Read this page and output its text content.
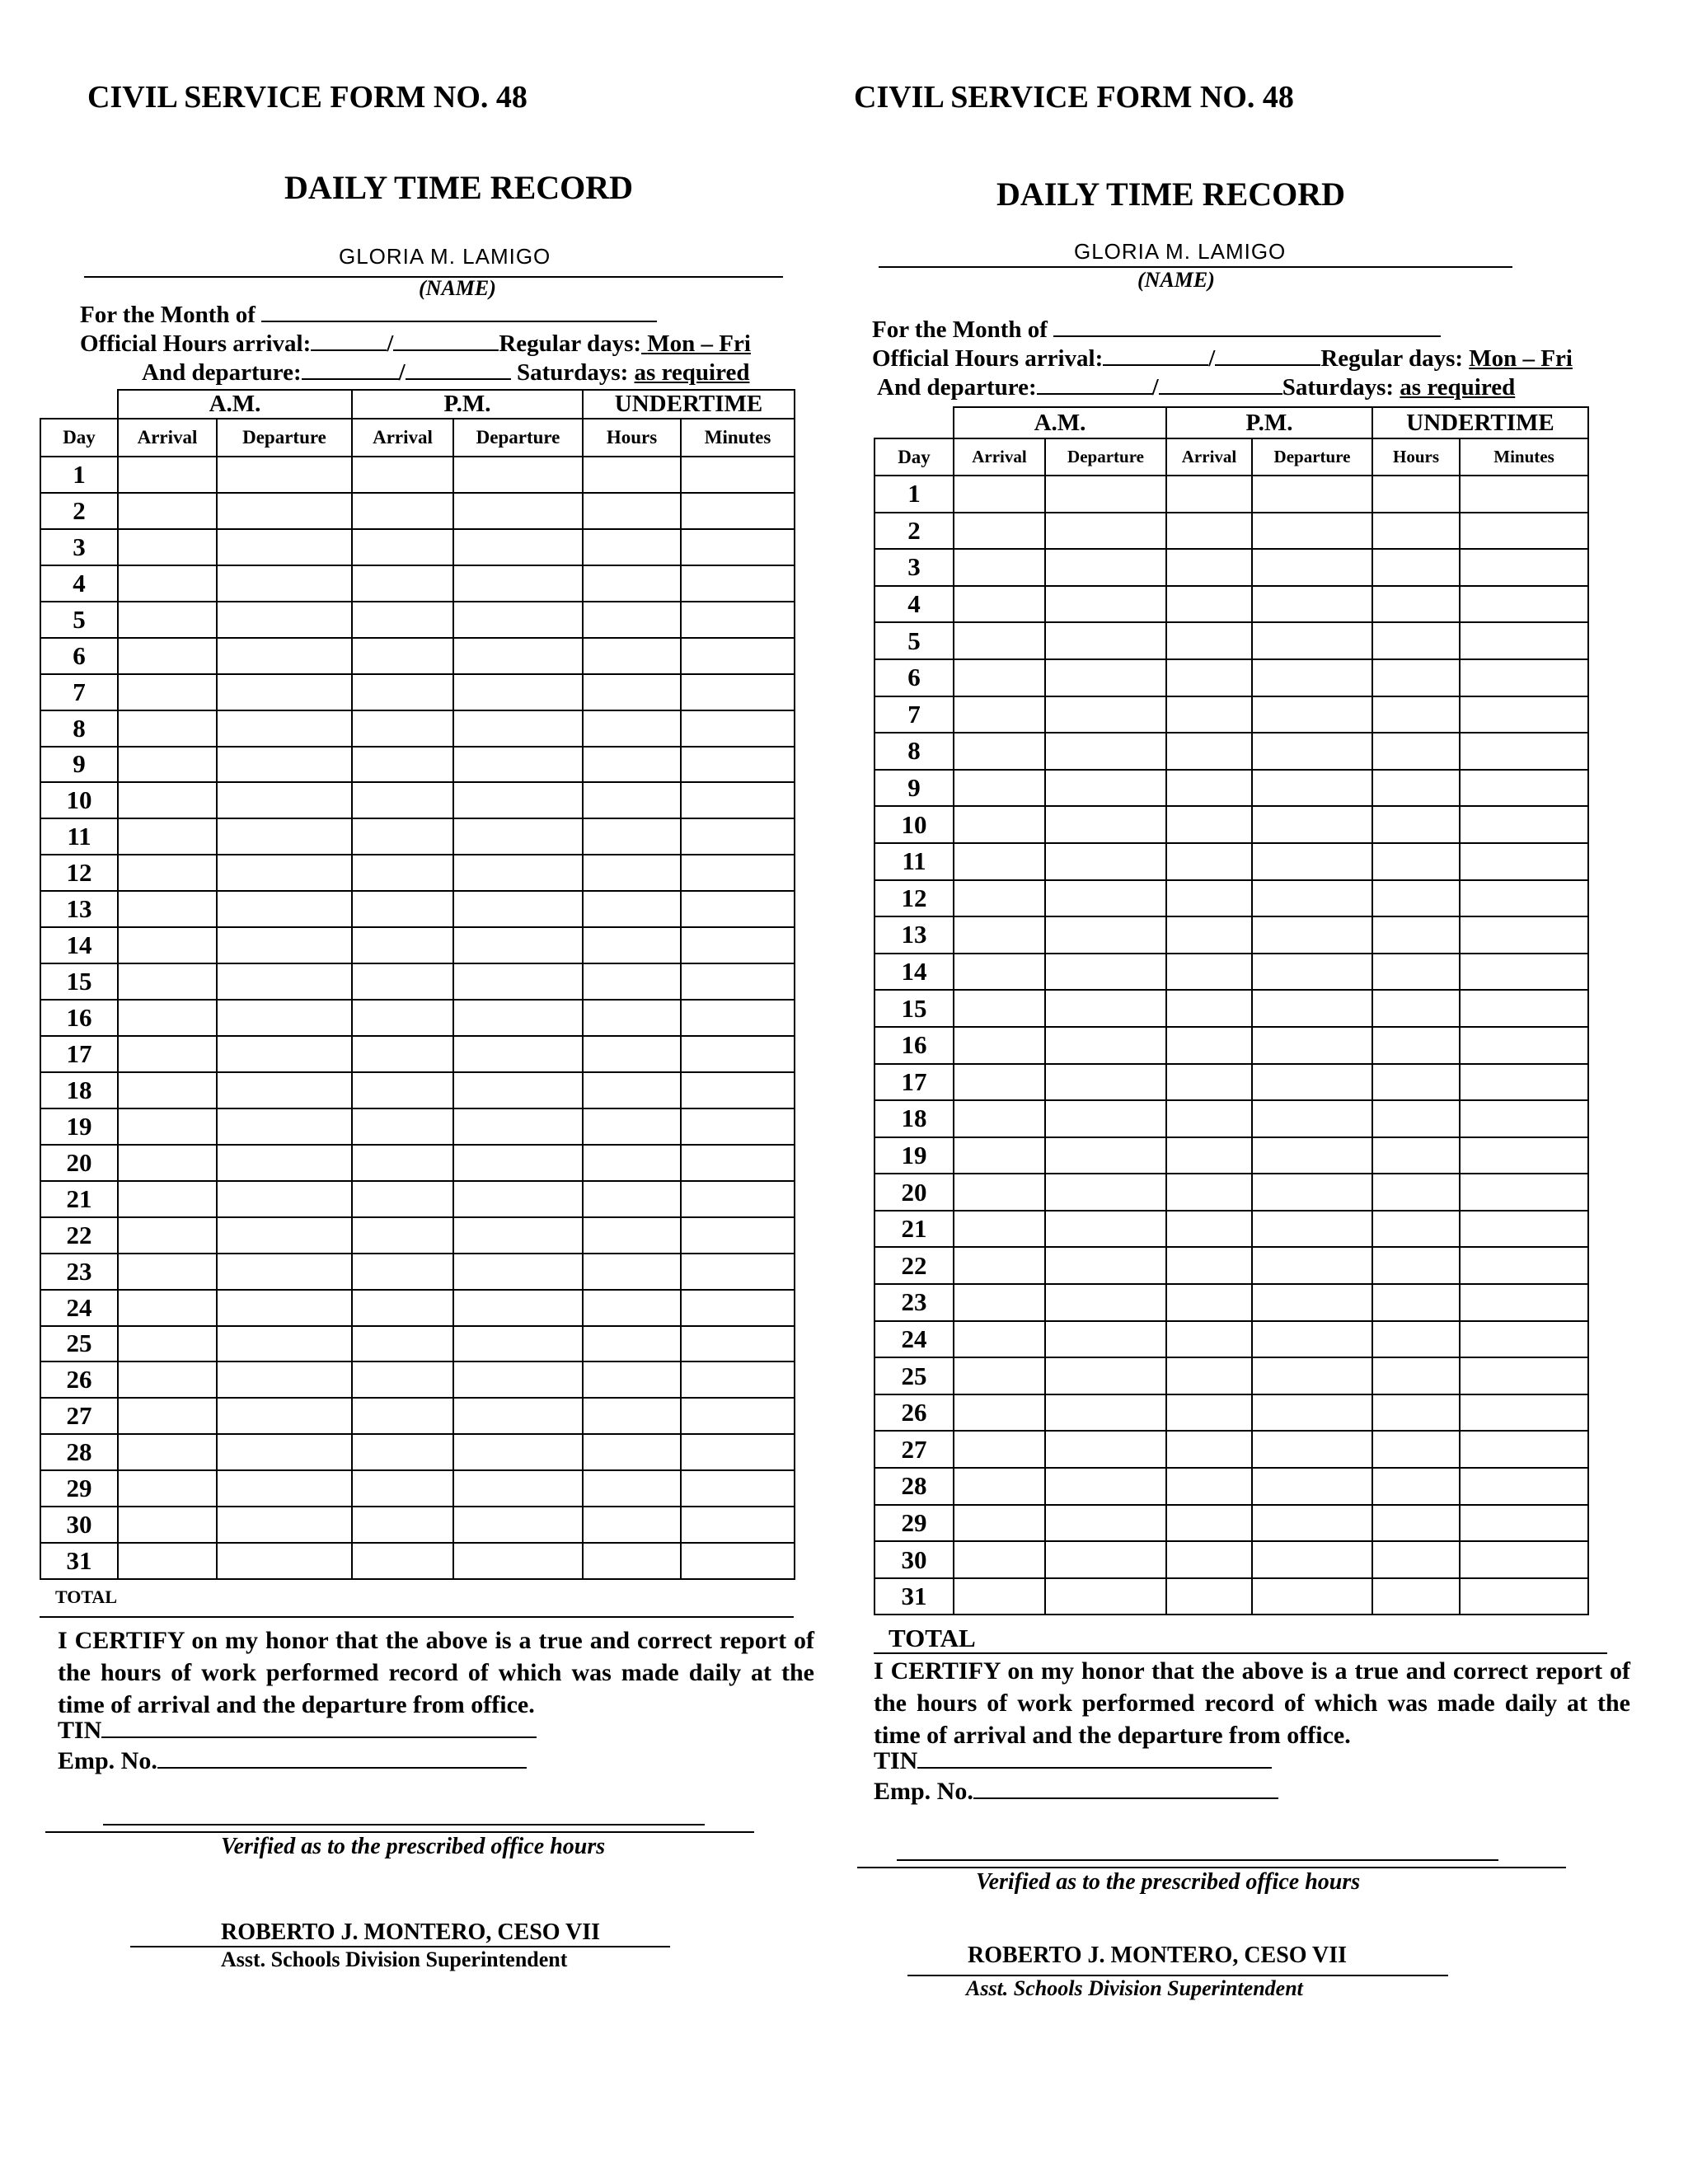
CIVIL SERVICE FORM NO. 48
DAILY TIME RECORD
GLORIA M. LAMIGO
(NAME)
For the Month of
Official Hours arrival:	/	Regular days: Mon – Fri
And departure:	/	Saturdays: as required
	A.M.		P.M.		UNDERTIME	
Day	Arrival	Departure	Arrival	Departure	Hours	Minutes
1						
2						
3						
4						
5						
6						
7						
8						
9						
10						
11						
12						
13						
14						
15						
16						
17						
18						
19						
20						
21						
22						
23						
24						
25						
26						
27						
28						
29						
30						
31						
TOTAL
I CERTIFY on my honor that the above is a true and correct report of the hours of work performed record of which was made daily at the time of arrival and the departure from office.
TIN
Emp. No.
Verified as to the prescribed office hours
ROBERTO J. MONTERO, CESO VII
Asst. Schools Division Superintendent
CIVIL SERVICE FORM NO. 48
DAILY TIME RECORD
GLORIA M. LAMIGO
(NAME)
For the Month of
Official Hours arrival:	/	Regular days: Mon – Fri
And departure:	/	Saturdays: as required
	A.M.		P.M.		UNDERTIME	
Day	Arrival	Departure	Arrival	Departure	Hours	Minutes
1						
2						
3						
4						
5						
6						
7						
8						
9						
10						
11						
12						
13						
14						
15						
16						
17						
18						
19						
20						
21						
22						
23						
24						
25						
26						
27						
28						
29						
30						
31						
TOTAL
I CERTIFY on my honor that the above is a true and correct report of the hours of work performed record of which was made daily at the time of arrival and the departure from office.
TIN
Emp. No.
Verified as to the prescribed office hours
ROBERTO J. MONTERO, CESO VII
Asst. Schools Division Superintendent
